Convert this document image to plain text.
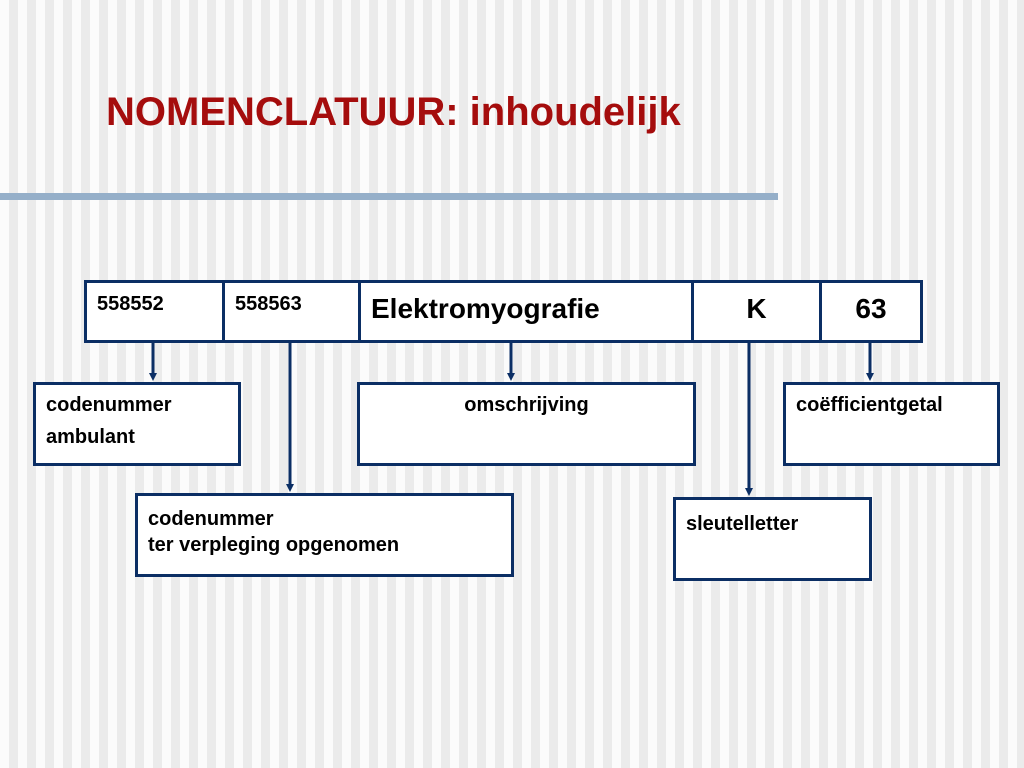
NOMENCLATUUR: inhoudelijk
558552	558563	Elektromyografie	K	63
codenummer
ambulant
omschrijving	coëfficientgetal
codenummer
ter verpleging opgenomen
sleutelletter
